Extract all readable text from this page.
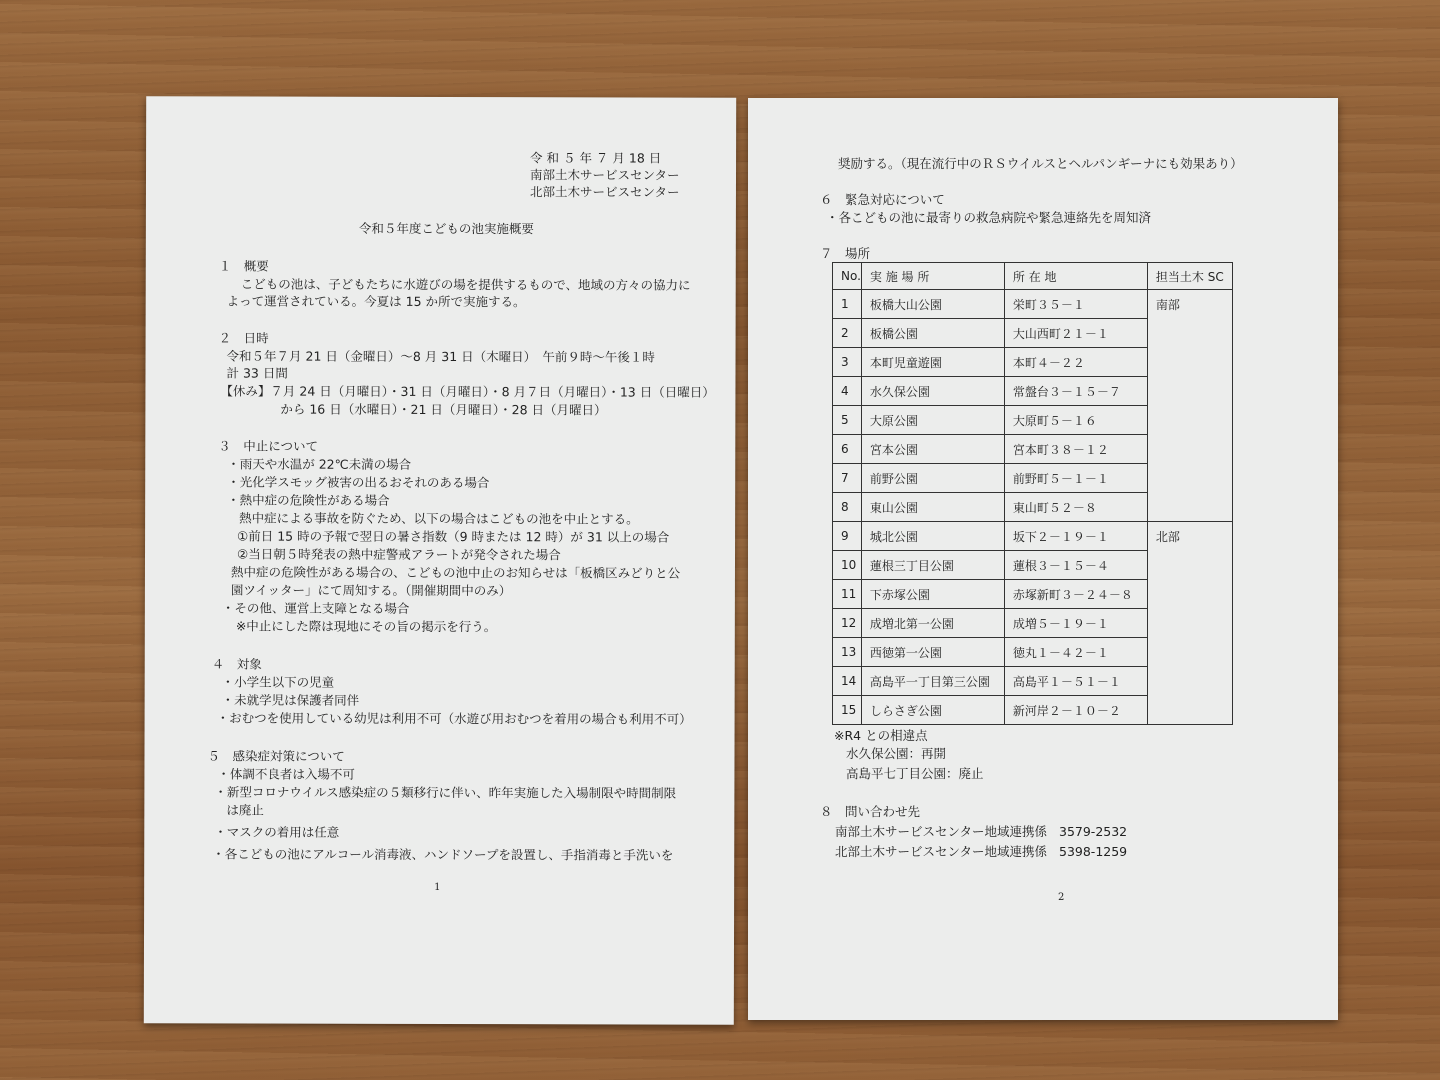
令 和 ５ 年 ７ 月 18 日
南部土木サービスセンター
北部土木サービスセンター
令和５年度こどもの池実施概要
１　概要
こどもの池は、子どもたちに水遊びの場を提供するもので、地域の方々の協力に
よって運営されている。今夏は 15 か所で実施する。
２　日時
令和５年７月 21 日（金曜日）～8 月 31 日（木曜日）　午前９時～午後１時
計 33 日間
【休み】７月 24 日（月曜日）・31 日（月曜日）・8 月７日（月曜日）・13 日（日曜日）
から 16 日（水曜日）・21 日（月曜日）・28 日（月曜日）
３　中止について
・雨天や水温が 22℃未満の場合
・光化学スモッグ被害の出るおそれのある場合
・熱中症の危険性がある場合
熱中症による事故を防ぐため、以下の場合はこどもの池を中止とする。
①前日 15 時の予報で翌日の暑さ指数（9 時または 12 時）が 31 以上の場合
②当日朝５時発表の熱中症警戒アラートが発令された場合
熱中症の危険性がある場合の、こどもの池中止のお知らせは「板橋区みどりと公
園ツイッター」にて周知する。（開催期間中のみ）
・その他、運営上支障となる場合
※中止にした際は現地にその旨の掲示を行う。
４　対象
・小学生以下の児童
・未就学児は保護者同伴
・おむつを使用している幼児は利用不可（水遊び用おむつを着用の場合も利用不可）
５　感染症対策について
・体調不良者は入場不可
・新型コロナウイルス感染症の５類移行に伴い、昨年実施した入場制限や時間制限
は廃止
・マスクの着用は任意
・各こどもの池にアルコール消毒液、ハンドソープを設置し、手指消毒と手洗いを
1
奨励する。（現在流行中のＲＳウイルスとヘルパンギーナにも効果あり）
６　緊急対応について
・各こどもの池に最寄りの救急病院や緊急連絡先を周知済
７　場所
No.	実 施 場 所	所 在 地	担当土木 SC
1	板橋大山公園	栄町３５－１	南部
2	板橋公園	大山西町２１－１	
3	本町児童遊園	本町４－２２	
4	水久保公園	常盤台３－１５－７	
5	大原公園	大原町５－１６	
6	宮本公園	宮本町３８－１２	
7	前野公園	前野町５－１－１	
8	東山公園	東山町５２－８	
9	城北公園	坂下２－１９－１	北部
10	蓮根三丁目公園	蓮根３－１５－４	
11	下赤塚公園	赤塚新町３－２４－８	
12	成増北第一公園	成増５－１９－１	
13	西徳第一公園	徳丸１－４２－１	
14	高島平一丁目第三公園	高島平１－５１－１	
15	しらさぎ公園	新河岸２－１０－２	
※R4 との相違点
水久保公園：再開
高島平七丁目公園：廃止
８　問い合わせ先
南部土木サービスセンター地域連携係 3579-2532
北部土木サービスセンター地域連携係 5398-1259
2
